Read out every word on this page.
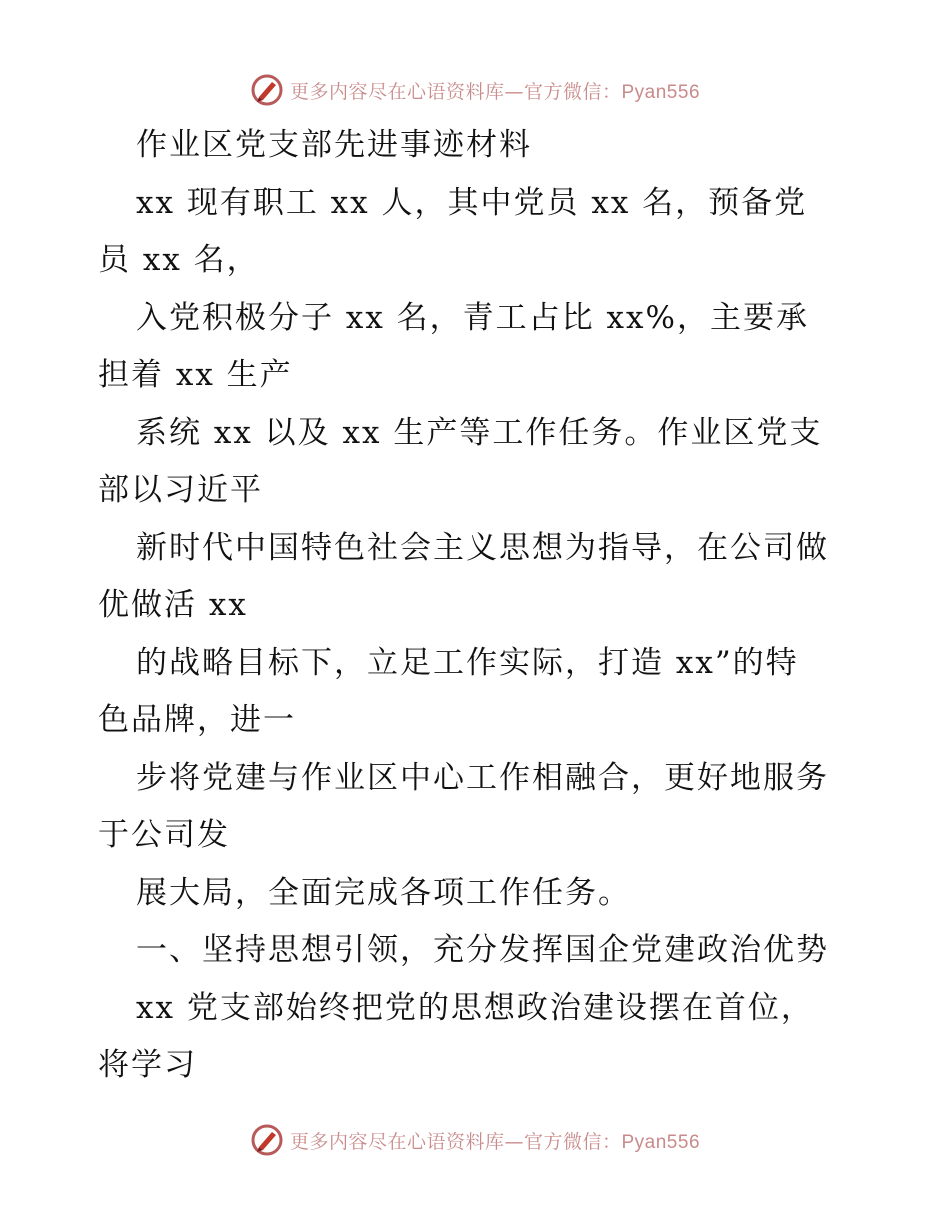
更多内容尽在心语资料库—官方微信：Pyan556
作业区党支部先进事迹材料
xx 现有职工 xx 人，其中党员 xx 名，预备党
员 xx 名，
入党积极分子 xx 名，青工占比 xx%，主要承
担着 xx 生产
系统 xx 以及 xx 生产等工作任务。作业区党支
部以习近平
新时代中国特色社会主义思想为指导，在公司做
优做活 xx
的战略目标下，立足工作实际，打造 xx”的特
色品牌，进一
步将党建与作业区中心工作相融合，更好地服务
于公司发
展大局，全面完成各项工作任务。
一、坚持思想引领，充分发挥国企党建政治优势
xx 党支部始终把党的思想政治建设摆在首位，
将学习
更多内容尽在心语资料库—官方微信：Pyan556
